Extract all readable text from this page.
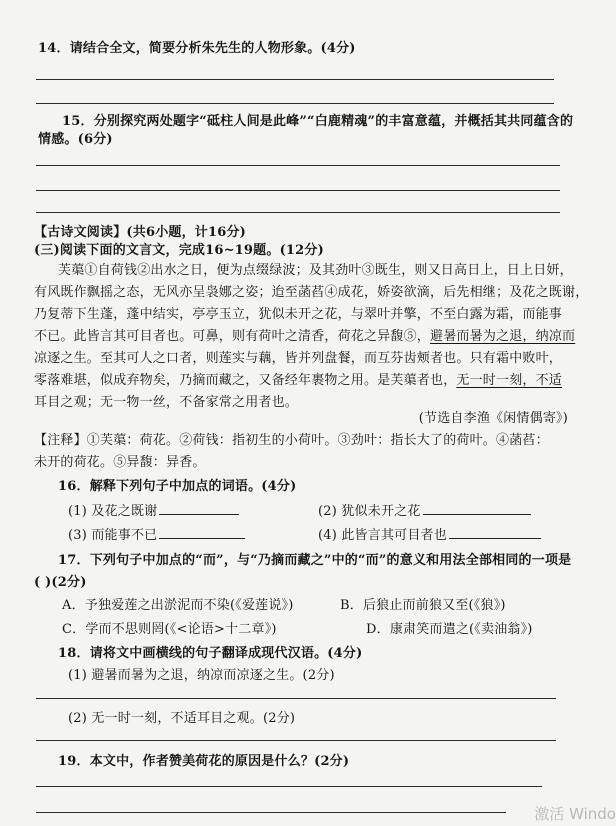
14．请结合全文，简要分析朱先生的人物形象。(4分)
15．分别探究两处题字“砥柱人间是此峰”“白鹿精魂”的丰富意蕴，并概括其共同蕴含的
情感。(6分)
【古诗文阅读】(共6小题，计16分)
(三)阅读下面的文言文，完成16~19题。(12分)
芙蕖①自荷钱②出水之日，便为点缀绿波；及其劲叶③既生，则又日高日上，日上日妍，
有风既作飘摇之态，无风亦呈袅娜之姿；迨至菡萏④成花，娇姿欲滴，后先相继；及花之既谢，
乃复蒂下生蓬，蓬中结实，亭亭玉立，犹似未开之花，与翠叶并擎，不至白露为霜，而能事
不已。此皆言其可目者也。可鼻，则有荷叶之清香，荷花之异馥⑤，避暑而暑为之退，纳凉而
凉逐之生。至其可人之口者，则莲实与藕，皆并列盘餐，而互芬齿颊者也。只有霜中败叶，
零落难堪，似成弃物矣，乃摘而藏之，又备经年裹物之用。是芙蕖者也，无一时一刻，不适
耳目之观；无一物一丝，不备家常之用者也。
(节选自李渔《闲情偶寄》)
【注释】①芙蕖：荷花。②荷钱：指初生的小荷叶。③劲叶：指长大了的荷叶。④菡萏：
未开的荷花。⑤异馥：异香。
16．解释下列句子中加点的词语。(4分)
(1) 及花之既谢	(2) 犹似未开之花
(3) 而能事不已	(4) 此皆言其可目者也
17．下列句子中加点的“而”，与“乃摘而藏之”中的“而”的意义和用法全部相同的一项是
( )(2分)
A．予独爱莲之出淤泥而不染(《爱莲说》)	B．后狼止而前狼又至(《狼》)
C．学而不思则罔(《<论语>十二章》)	D．康肃笑而遣之(《卖油翁》)
18．请将文中画横线的句子翻译成现代汉语。(4分)
(1) 避暑而暑为之退，纳凉而凉逐之生。(2分)
(2) 无一时一刻，不适耳目之观。(2分)
19．本文中，作者赞美荷花的原因是什么？(2分)
激活 Windo
